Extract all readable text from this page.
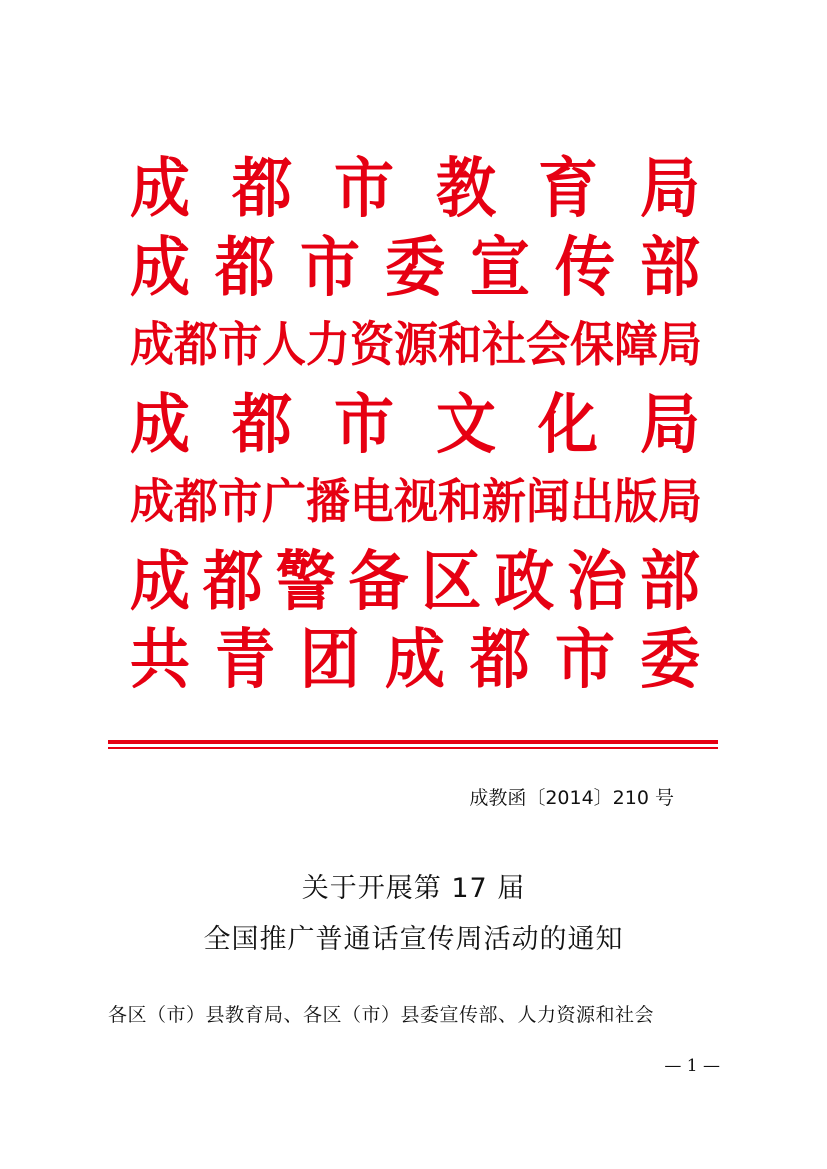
成 都 市 教 育 局
成 都 市 委 宣 传 部
成 都 市 人 力 资 源 和 社 会 保 障 局
成 都 市 文 化 局
成 都 市 广 播 电 视 和 新 闻 出 版 局
成 都 警 备 区 政 治 部
共 青 团 成 都 市 委
成教函〔2014〕210 号
关于开展第 17 届
全国推广普通话宣传周活动的通知
各区（市）县教育局、各区（市）县委宣传部、人力资源和社会
— 1 —
